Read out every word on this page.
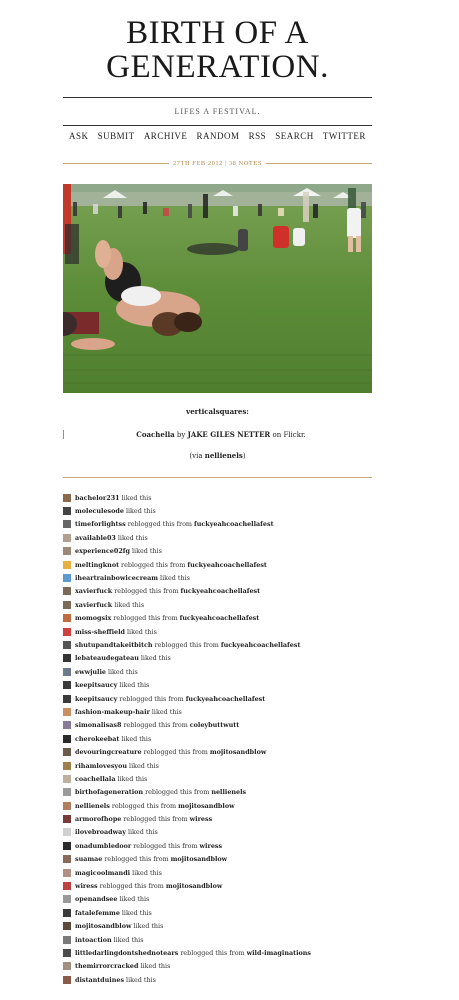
BIRTH OF A GENERATION.
LIFES A FESTIVAL.
ASK SUBMIT ARCHIVE RANDOM RSS SEARCH TWITTER
27TH FEB 2012 | 38 NOTES
verticalsquares:
Coachella by JAKE GILES NETTER on Flickr.
(via nellienels)
bachelor231 liked this
moleculesode liked this
timeforlightss reblogged this from fuckyeahcoachellafest
available03 liked this
experience02fg liked this
meltingknot reblogged this from fuckyeahcoachellafest
iheartrainbowicecream liked this
xavierfuck reblogged this from fuckyeahcoachellafest
xavierfuck liked this
momogsix reblogged this from fuckyeahcoachellafest
miss-sheffield liked this
shutupandtakeitbitch reblogged this from fuckyeahcoachellafest
lebateaudegateau liked this
ewwjulie liked this
keepitsaucy liked this
keepitsaucy reblogged this from fuckyeahcoachellafest
fashion-makeup-hair liked this
simonalisas8 reblogged this from coleybuttwutt
cherokeebat liked this
devouringcreature reblogged this from mojitosandblow
rihamlovesyou liked this
coachellala liked this
birthofageneration reblogged this from nellienels
nellienels reblogged this from mojitosandblow
armorofhope reblogged this from wiress
ilovebroadway liked this
onadumbledoor reblogged this from wiress
suamae reblogged this from mojitosandblow
magicoolmandi liked this
wiress reblogged this from mojitosandblow
openandsee liked this
fatalefemme liked this
mojitosandblow liked this
intoaction liked this
littledarlingdontshednotears reblogged this from wild-imaginations
themirrorcracked liked this
distantduines liked this
